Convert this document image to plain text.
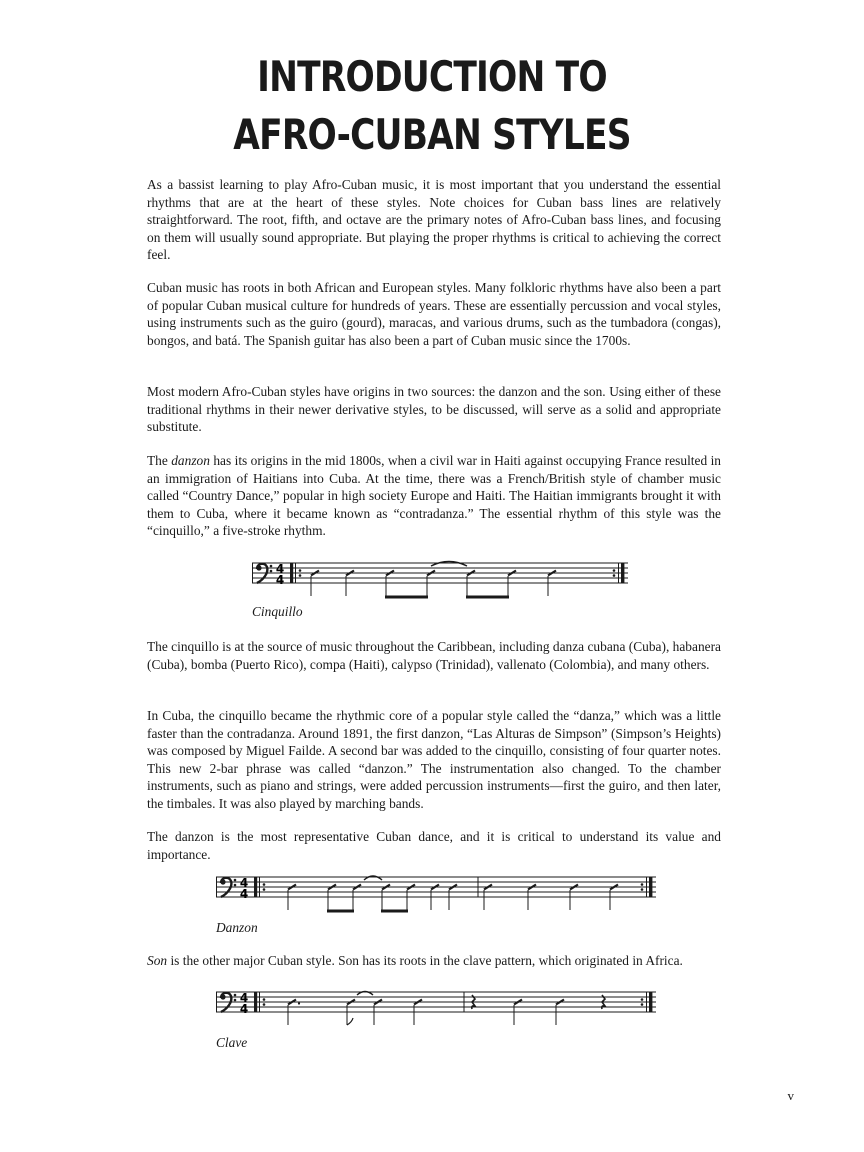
INTRODUCTION TO
AFRO-CUBAN STYLES

As a bassist learning to play Afro-Cuban music, it is most important that you understand the essential rhythms that are at the heart of these styles. Note choices for Cuban bass lines are relatively straightforward. The root, fifth, and octave are the primary notes of Afro-Cuban bass lines, and focusing on them will usually sound appropriate. But playing the proper rhythms is critical to achieving the correct feel.

Cuban music has roots in both African and European styles. Many folkloric rhythms have also been a part of popular Cuban musical culture for hundreds of years. These are essentially percussion and vocal styles, using instruments such as the guiro (gourd), maracas, and various drums, such as the tumbadora (congas), bongos, and batá. The Spanish guitar has also been a part of Cuban music since the 1700s.

Most modern Afro-Cuban styles have origins in two sources: the danzon and the son. Using either of these traditional rhythms in their newer derivative styles, to be discussed, will serve as a solid and appropriate substitute.

The danzon has its origins in the mid 1800s, when a civil war in Haiti against occupying France resulted in an immigration of Haitians into Cuba. At the time, there was a French/British style of chamber music called “Country Dance,” popular in high society Europe and Haiti. The Haitian immigrants brought it with them to Cuba, where it became known as “contradanza.” The essential rhythm of this style was the “cinquillo,” a five-stroke rhythm.

4
4
Cinquillo

The cinquillo is at the source of music throughout the Caribbean, including danza cubana (Cuba), habanera (Cuba), bomba (Puerto Rico), compa (Haiti), calypso (Trinidad), vallenato (Colombia), and many others.

In Cuba, the cinquillo became the rhythmic core of a popular style called the “danza,” which was a little faster than the contradanza. Around 1891, the first danzon, “Las Alturas de Simpson” (Simpson’s Heights) was composed by Miguel Failde. A second bar was added to the cinquillo, consisting of four quarter notes. This new 2-bar phrase was called “danzon.” The instrumentation also changed. To the chamber instruments, such as piano and strings, were added percussion instruments—first the guiro, and then later, the timbales. It was also played by marching bands.

The danzon is the most representative Cuban dance, and it is critical to understand its value and importance.

4
4
Danzon

Son is the other major Cuban style. Son has its roots in the clave pattern, which originated in Africa.

4
4
Clave
v
